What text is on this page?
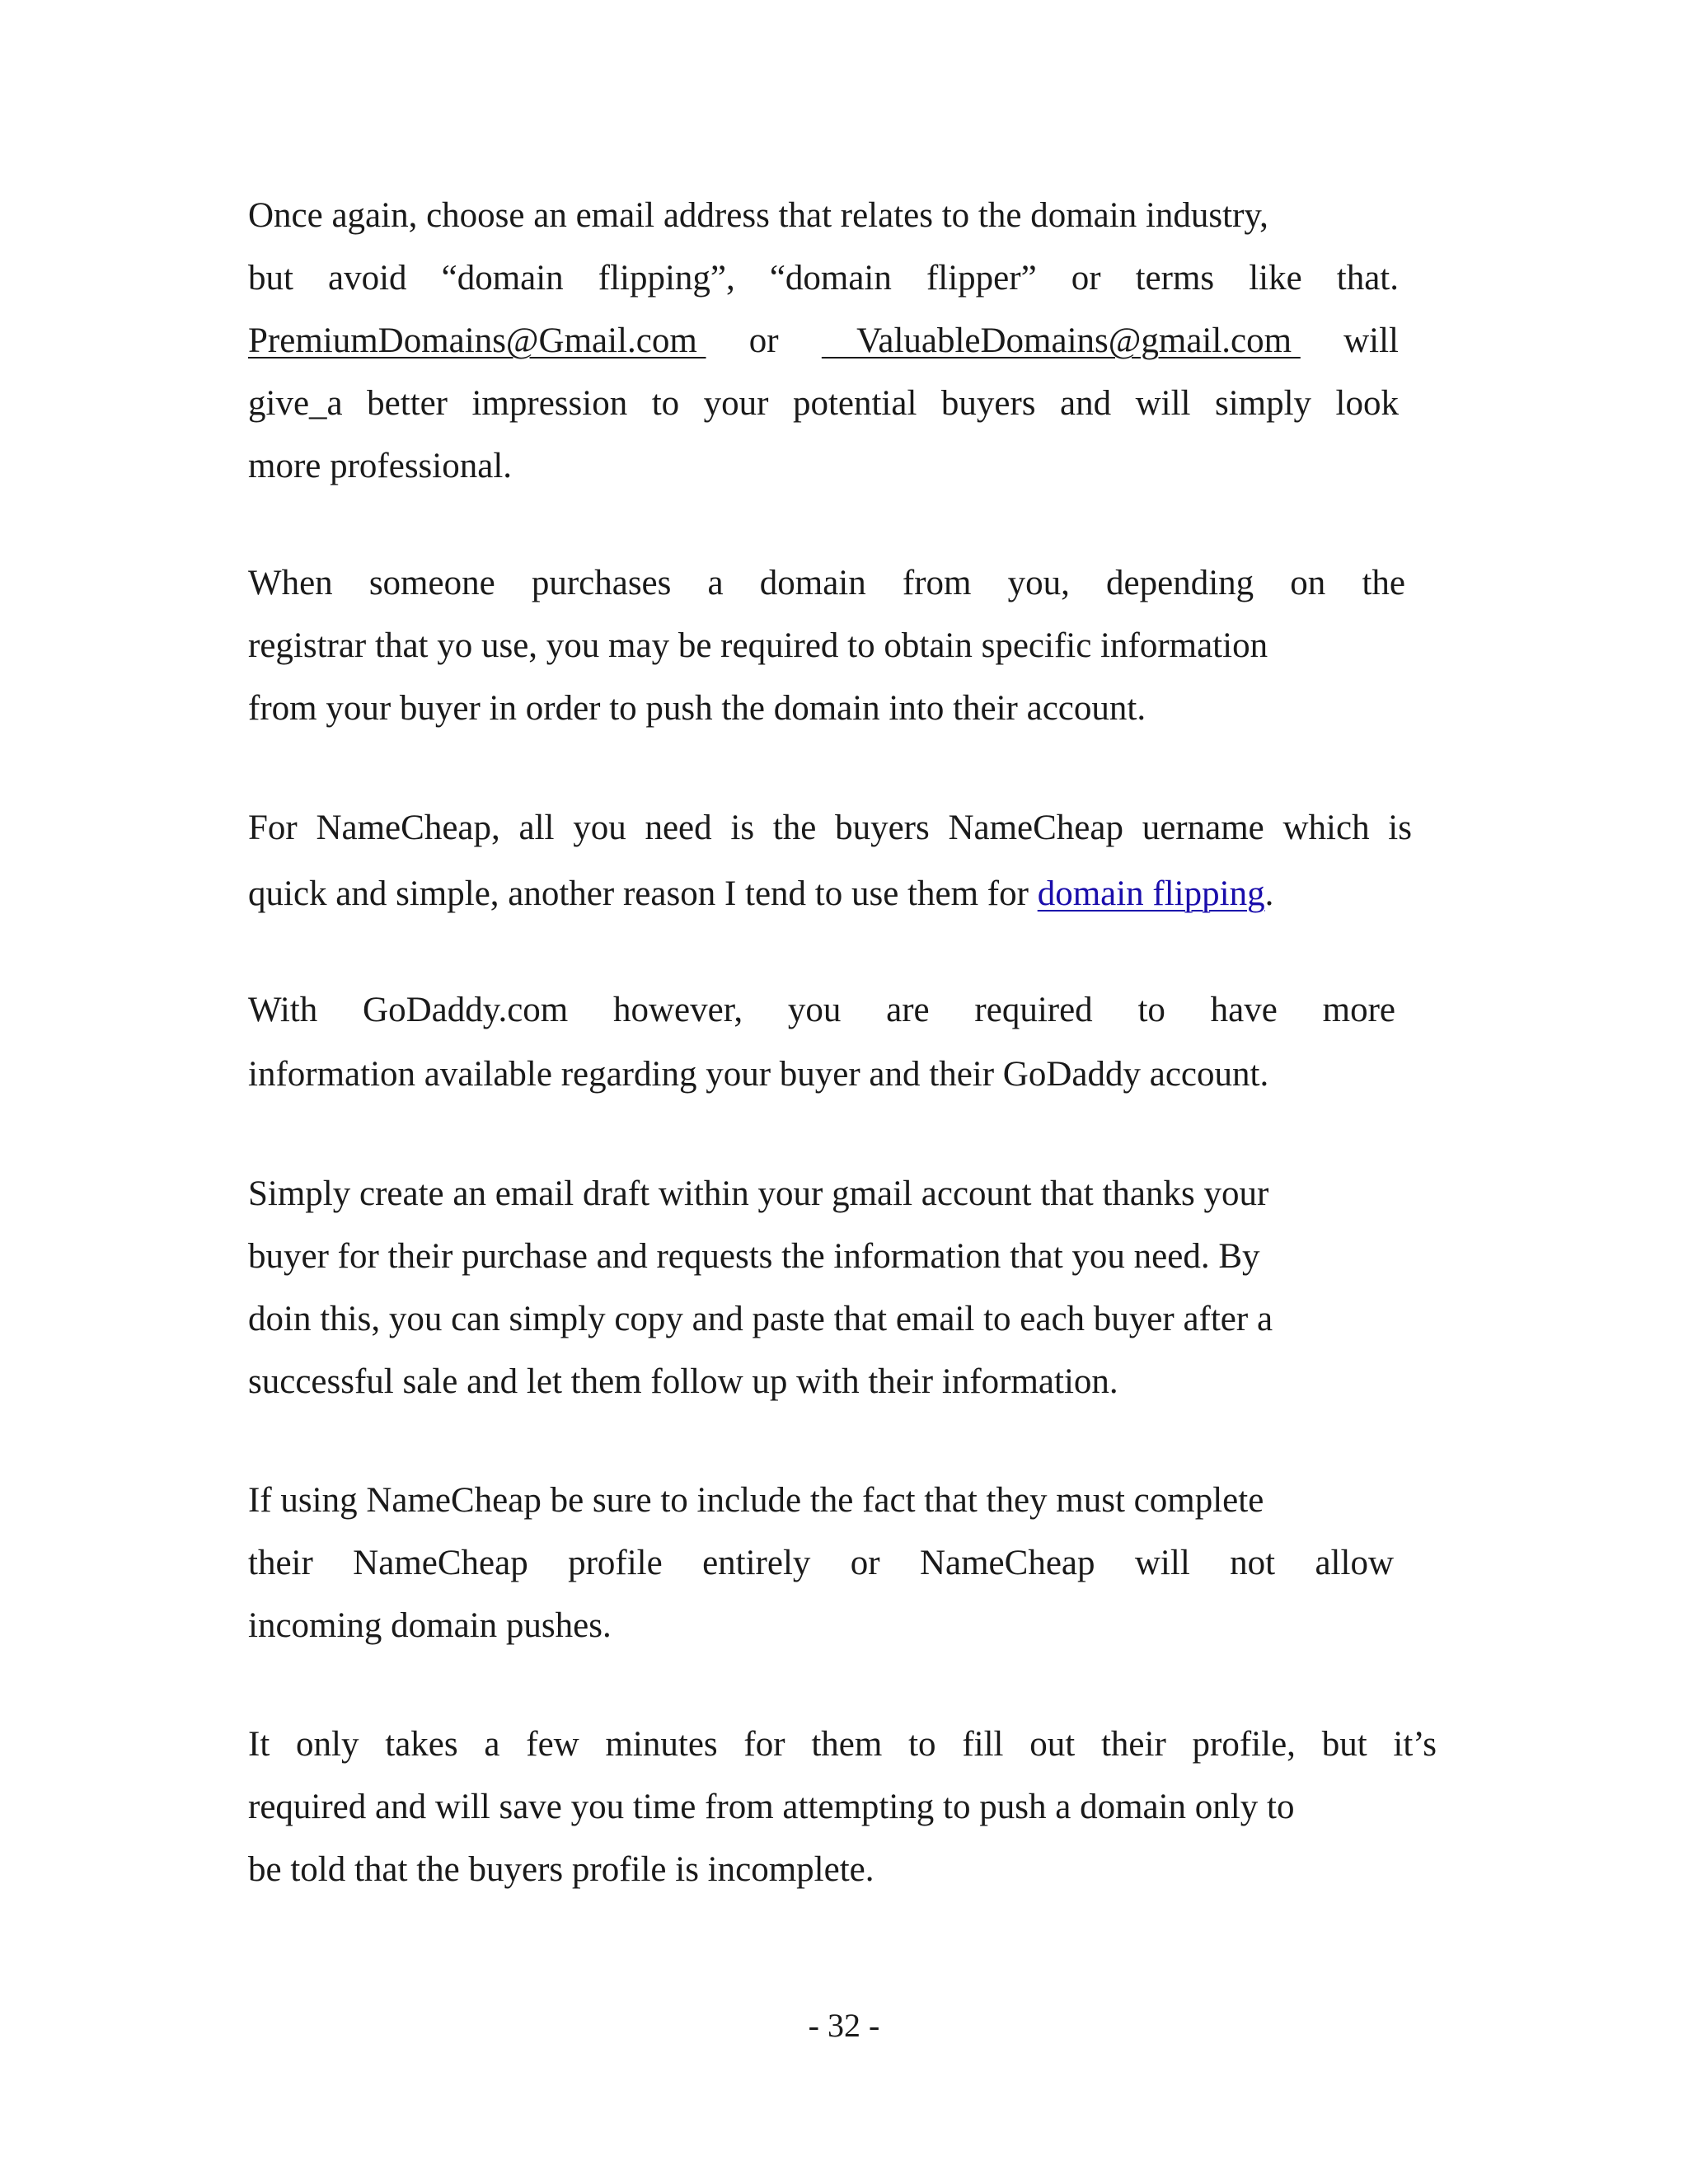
Once again, choose an email address that relates to the domain industry,
but avoid “domain flipping”, “domain flipper” or terms like that.
PremiumDomains@Gmail.com or ValuableDomains@gmail.com will
give_a better impression to your potential buyers and will simply look
more professional.
When someone purchases a domain from you, depending on the
registrar that yo use, you may be required to obtain specific information
from your buyer in order to push the domain into their account.
For NameCheap, all you need is the buyers NameCheap uername which is
quick and simple, another reason I tend to use them for domain flipping.
With GoDaddy.com however, you are required to have more
information available regarding your buyer and their GoDaddy account.
Simply create an email draft within your gmail account that thanks your
buyer for their purchase and requests the information that you need. By
doin this, you can simply copy and paste that email to each buyer after a
successful sale and let them follow up with their information.
If using NameCheap be sure to include the fact that they must complete
their NameCheap profile entirely or NameCheap will not allow
incoming domain pushes.
It only takes a few minutes for them to fill out their profile, but it’s
required and will save you time from attempting to push a domain only to
be told that the buyers profile is incomplete.
- 32 -
